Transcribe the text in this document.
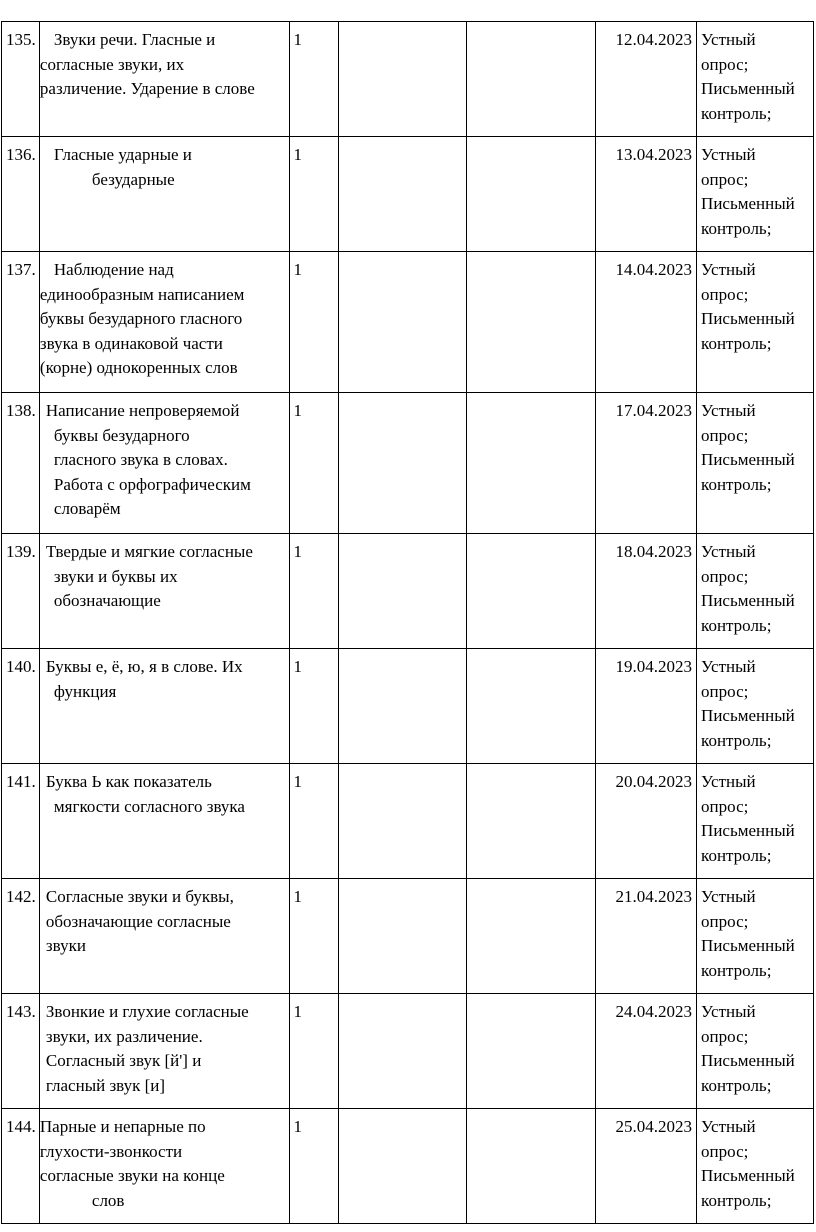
135.	Звуки речи. Гласные и
согласные звуки, их
различение. Ударение в слове	1			12.04.2023	Устный
опрос;
Письменный
контроль;
136.	Гласные ударные и
безударные	1			13.04.2023	Устный
опрос;
Письменный
контроль;
137.	Наблюдение над
единообразным написанием
буквы безударного гласного
звука в одинаковой части
(корне) однокоренных слов	1			14.04.2023	Устный
опрос;
Письменный
контроль;
138.	Написание непроверяемой
буквы безударного
гласного звука в словах.
Работа с орфографическим
словарём	1			17.04.2023	Устный
опрос;
Письменный
контроль;
139.	Твердые и мягкие согласные
звуки и буквы их
обозначающие	1			18.04.2023	Устный
опрос;
Письменный
контроль;
140.	Буквы е, ё, ю, я в слове. Их
функция	1			19.04.2023	Устный
опрос;
Письменный
контроль;
141.	Буква Ь как показатель
мягкости согласного звука	1			20.04.2023	Устный
опрос;
Письменный
контроль;
142.	Согласные звуки и буквы,
обозначающие согласные
звуки	1			21.04.2023	Устный
опрос;
Письменный
контроль;
143.	Звонкие и глухие согласные
звуки, их различение.
Согласный звук [й'] и
гласный звук [и]	1			24.04.2023	Устный
опрос;
Письменный
контроль;
144.	Парные и непарные по
глухости-звонкости
согласные звуки на конце
слов	1			25.04.2023	Устный
опрос;
Письменный
контроль;
